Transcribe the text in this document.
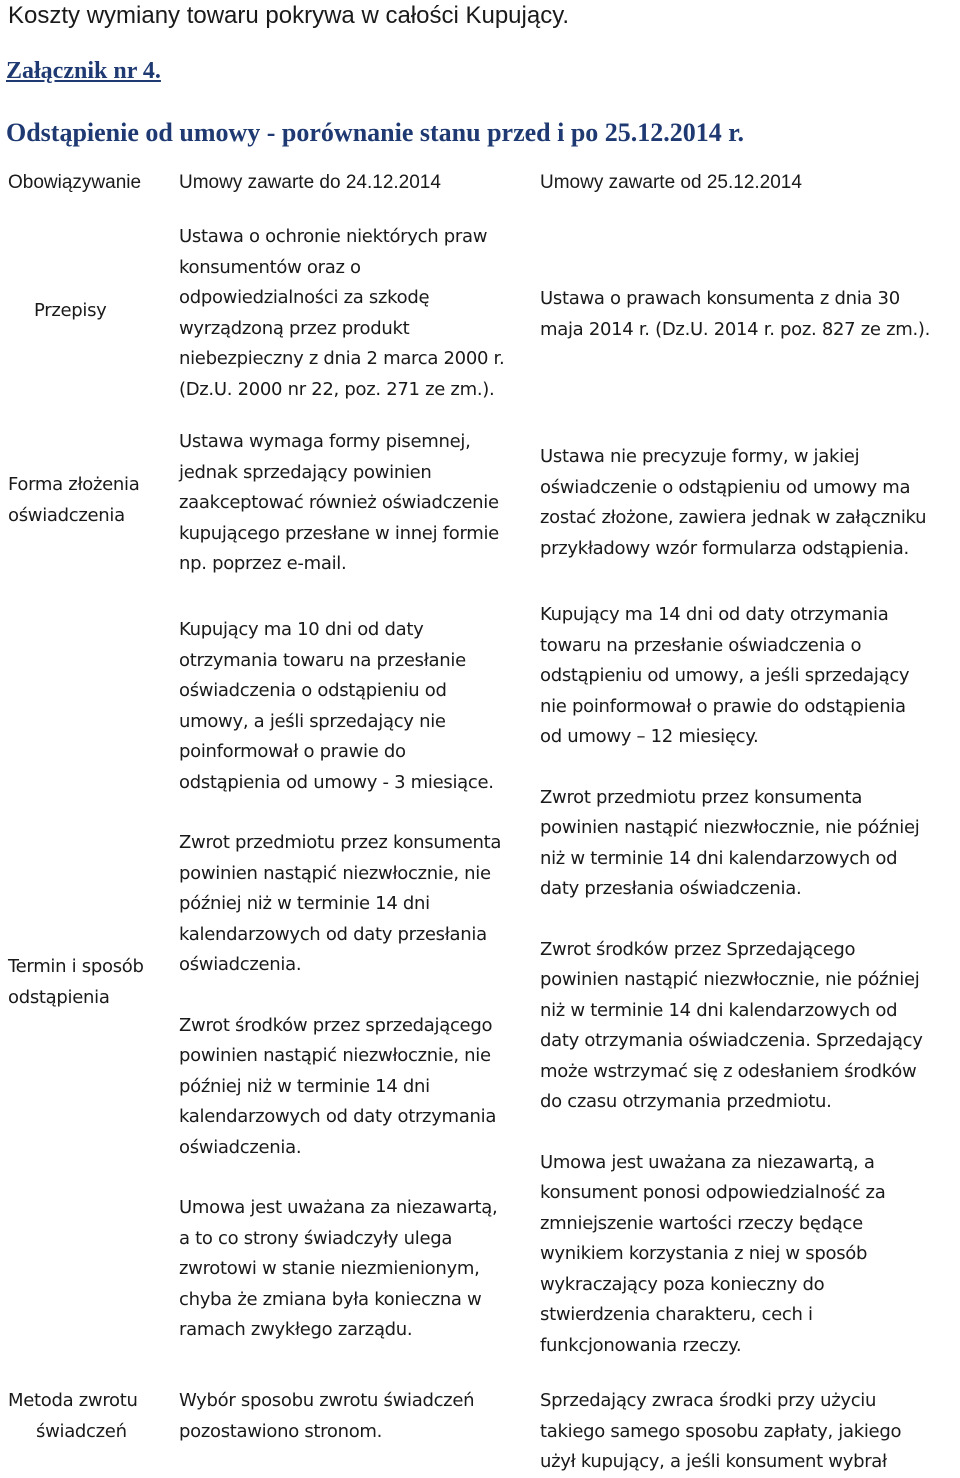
Koszty wymiany towaru pokrywa w całości Kupujący.
Załącznik nr 4.
Odstąpienie od umowy - porównanie stanu przed i po 25.12.2014 r.
Obowiązywanie Umowy zawarte do 24.12.2014	Umowy zawarte od 25.12.2014

Przepisy

Ustawa o ochronie niektórych praw

konsumentów oraz o

odpowiedzialności za szkodę

wyrządzoną przez produkt

niebezpieczny z dnia 2 marca 2000 r.

(Dz.U. 2000 nr 22, poz. 271 ze zm.).

Ustawa o prawach konsumenta z dnia 30

maja 2014 r. (Dz.U. 2014 r. poz. 827 ze zm.).

Forma złożenia

oświadczenia

Ustawa wymaga formy pisemnej,

jednak sprzedający powinien

zaakceptować również oświadczenie

kupującego przesłane w innej formie

np. poprzez e-mail.

Ustawa nie precyzuje formy, w jakiej

oświadczenie o odstąpieniu od umowy ma

zostać złożone, zawiera jednak w załączniku

przykładowy wzór formularza odstąpienia.

Termin i sposób

odstąpienia

Kupujący ma 10 dni od daty

otrzymania towaru na przesłanie

oświadczenia o odstąpieniu od

umowy, a jeśli sprzedający nie

poinformował o prawie do

odstąpienia od umowy - 3 miesiące.

Zwrot przedmiotu przez konsumenta

powinien nastąpić niezwłocznie, nie

później niż w terminie 14 dni

kalendarzowych od daty przesłania

oświadczenia.

Zwrot środków przez sprzedającego

powinien nastąpić niezwłocznie, nie

później niż w terminie 14 dni

kalendarzowych od daty otrzymania

oświadczenia.

Umowa jest uważana za niezawartą,

a to co strony świadczyły ulega

zwrotowi w stanie niezmienionym,

chyba że zmiana była konieczna w

ramach zwykłego zarządu.

Kupujący ma 14 dni od daty otrzymania

towaru na przesłanie oświadczenia o

odstąpieniu od umowy, a jeśli sprzedający

nie poinformował o prawie do odstąpienia

od umowy – 12 miesięcy.

Zwrot przedmiotu przez konsumenta

powinien nastąpić niezwłocznie, nie później

niż w terminie 14 dni kalendarzowych od

daty przesłania oświadczenia.

Zwrot środków przez Sprzedającego

powinien nastąpić niezwłocznie, nie później

niż w terminie 14 dni kalendarzowych od

daty otrzymania oświadczenia. Sprzedający

może wstrzymać się z odesłaniem środków

do czasu otrzymania przedmiotu.

Umowa jest uważana za niezawartą, a

konsument ponosi odpowiedzialność za

zmniejszenie wartości rzeczy będące

wynikiem korzystania z niej w sposób

wykraczający poza konieczny do

stwierdzenia charakteru, cech i

funkcjonowania rzeczy.

Metoda zwrotu

świadczeń

Wybór sposobu zwrotu świadczeń

pozostawiono stronom.

Sprzedający zwraca środki przy użyciu

takiego samego sposobu zapłaty, jakiego

użył kupujący, a jeśli konsument wybrał
